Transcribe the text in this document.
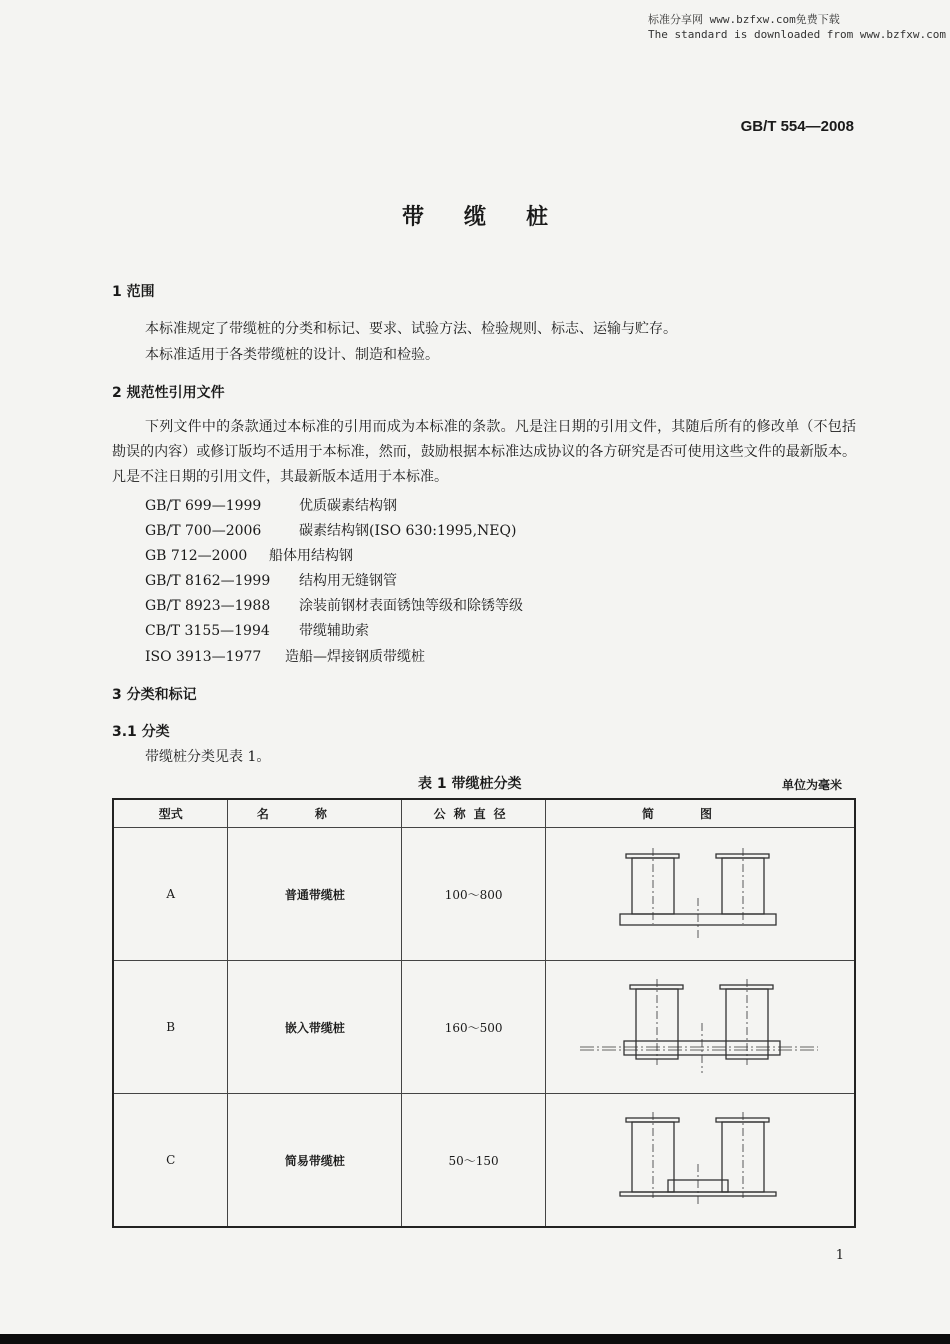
标准分享网 www.bzfxw.com免费下载
The standard is downloaded from www.bzfxw.com
GB/T 554—2008
带缆桩
1 范围
本标准规定了带缆桩的分类和标记、要求、试验方法、检验规则、标志、运输与贮存。
本标准适用于各类带缆桩的设计、制造和检验。
2 规范性引用文件
下列文件中的条款通过本标准的引用而成为本标准的条款。凡是注日期的引用文件，其随后所有的修改单（不包括勘误的内容）或修订版均不适用于本标准，然而，鼓励根据本标准达成协议的各方研究是否可使用这些文件的最新版本。凡是不注日期的引用文件，其最新版本适用于本标准。
GB/T 699—1999	优质碳素结构钢
GB/T 700—2006	碳素结构钢(ISO 630:1995,NEQ)
GB 712—2000 船体用结构钢
GB/T 8162—1999 结构用无缝钢管
GB/T 8923—1988 涂装前钢材表面锈蚀等级和除锈等级
CB/T 3155—1994 带缆辅助索
ISO 3913—1977 造船—焊接钢质带缆桩
3 分类和标记
3.1 分类
带缆桩分类见表 1。
表 1 带缆桩分类	单位为毫米
型式	名称	公称直径	简图
A	普通带缆桩	100～800	
B	嵌入带缆桩	160～500	
C	简易带缆桩	50～150	
1
